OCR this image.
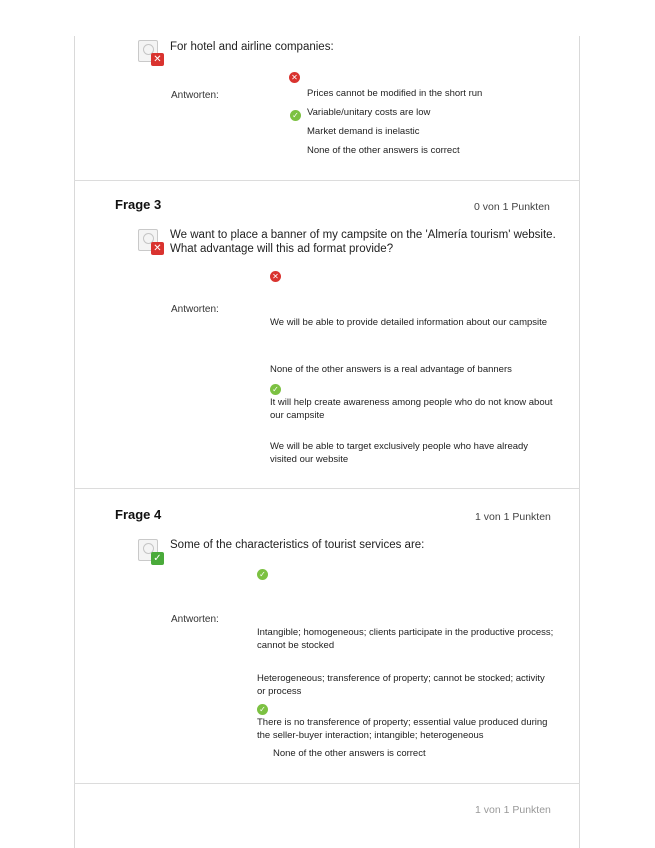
✕
For hotel and airline companies:
✕
Antworten:	Prices cannot be modified in the short run
✓ Variable/unitary costs are low
Market demand is inelastic
None of the other answers is correct
Frage 3	0 von 1 Punkten
✕
We want to place a banner of my campsite on the 'Almería tourism' website.
What advantage will this ad format provide?
✕
Antworten:
We will be able to provide detailed information about our campsite
None of the other answers is a real advantage of banners
✓
It will help create awareness among people who do not know about our campsite
We will be able to target exclusively people who have already visited our website
Frage 4	1 von 1 Punkten
✓
Some of the characteristics of tourist services are:
✓
Antworten:
Intangible; homogeneous; clients participate in the productive process; cannot be stocked
Heterogeneous; transference of property; cannot be stocked; activity or process
✓
There is no transference of property; essential value produced during the seller-buyer interaction; intangible; heterogeneous
None of the other answers is correct
1 von 1 Punkten
